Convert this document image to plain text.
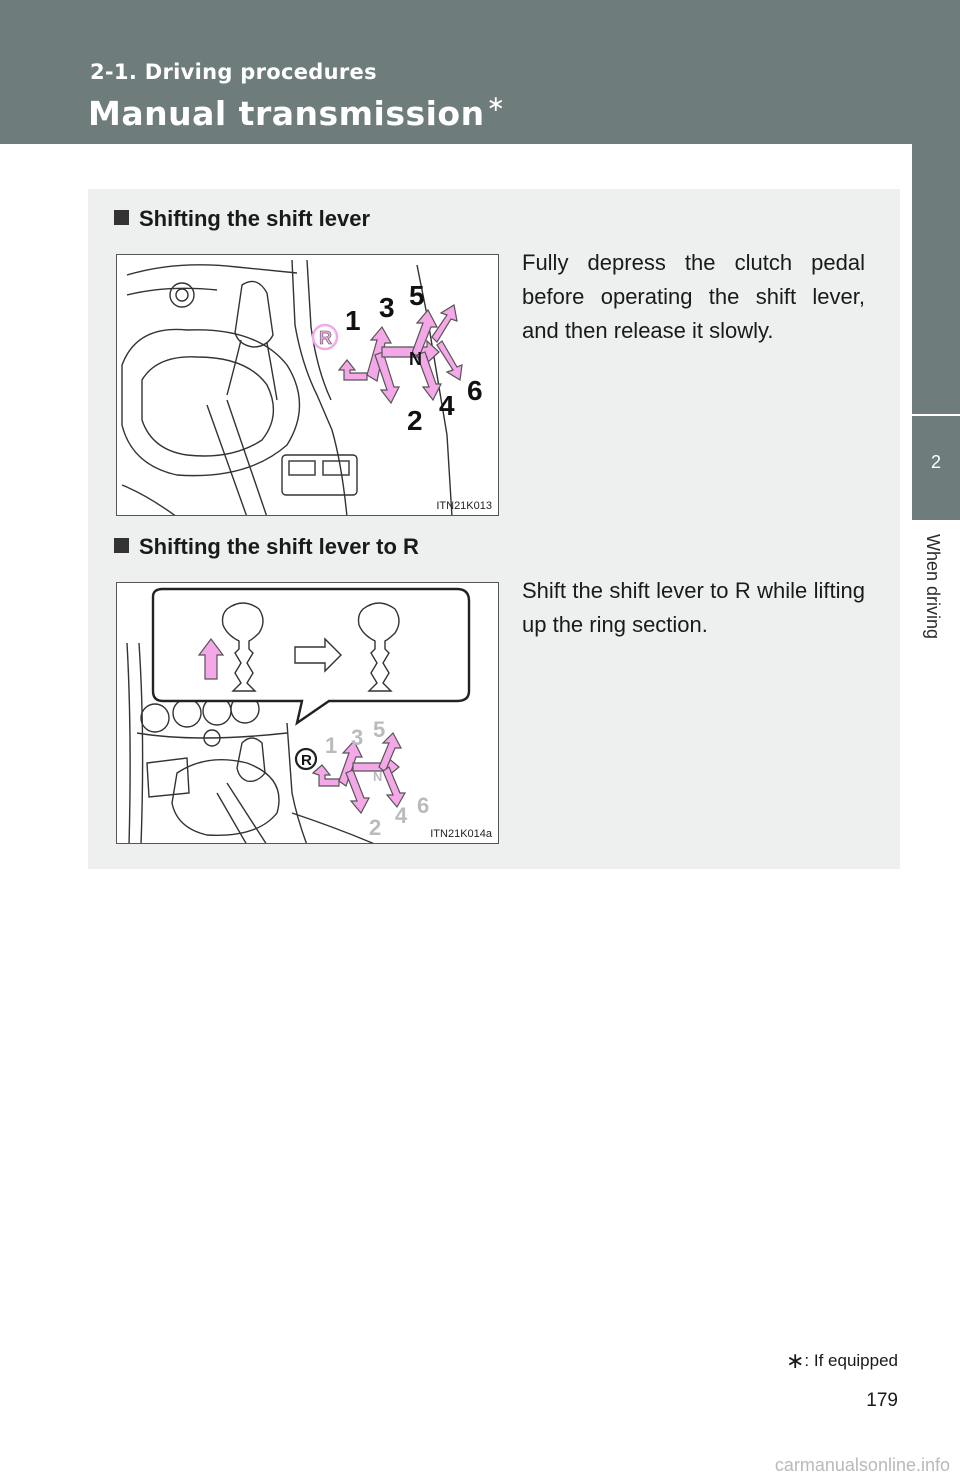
2-1. Driving procedures
Manual transmission∗
2
When driving
Shifting the shift lever
R
1 3 5
N
2 4 6
ITN21K013
Fully depress the clutch pedal before operating the shift lever, and then release it slowly.
Shifting the shift lever to R
R
1 3 5
N
2 4 6
ITN21K014a
Shift the shift lever to R while lifting up the ring section.
∗: If equipped
179
carmanualsonline.info
